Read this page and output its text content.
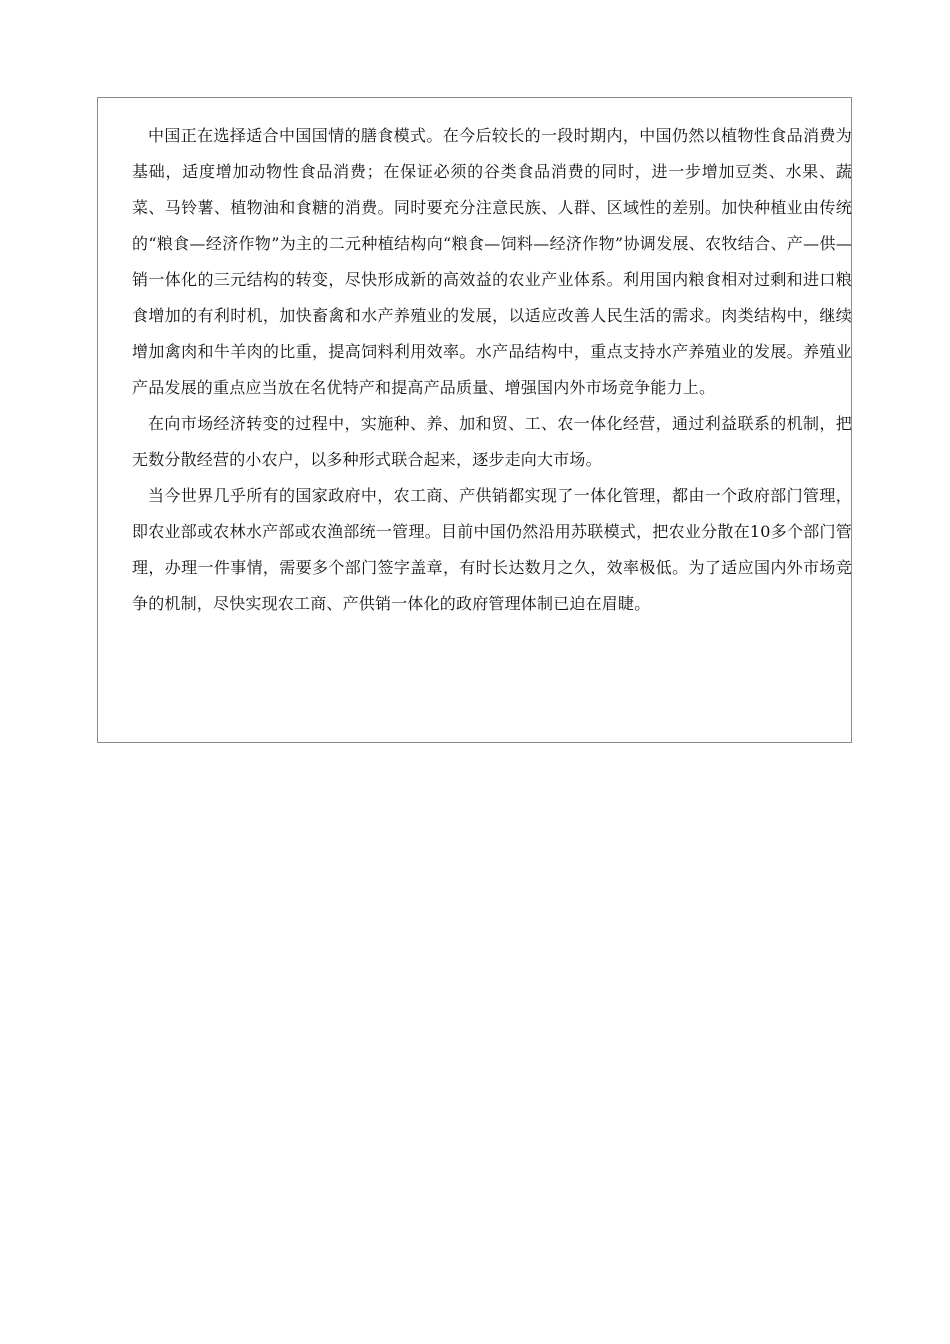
中国正在选择适合中国国情的膳食模式。在今后较长的一段时期内，中国仍然以植物性食品消费为基础，适度增加动物性食品消费；在保证必须的谷类食品消费的同时，进一步增加豆类、水果、蔬菜、马铃薯、植物油和食糖的消费。同时要充分注意民族、人群、区域性的差别。加快种植业由传统的“粮食—经济作物”为主的二元种植结构向“粮食—饲料—经济作物”协调发展、农牧结合、产—供—销一体化的三元结构的转变，尽快形成新的高效益的农业产业体系。利用国内粮食相对过剩和进口粮食增加的有利时机，加快畜禽和水产养殖业的发展，以适应改善人民生活的需求。肉类结构中，继续增加禽肉和牛羊肉的比重，提高饲料利用效率。水产品结构中，重点支持水产养殖业的发展。养殖业产品发展的重点应当放在名优特产和提高产品质量、增强国内外市场竞争能力上。

在向市场经济转变的过程中，实施种、养、加和贸、工、农一体化经营，通过利益联系的机制，把无数分散经营的小农户，以多种形式联合起来，逐步走向大市场。

当今世界几乎所有的国家政府中，农工商、产供销都实现了一体化管理，都由一个政府部门管理，即农业部或农林水产部或农渔部统一管理。目前中国仍然沿用苏联模式，把农业分散在10多个部门管理，办理一件事情，需要多个部门签字盖章，有时长达数月之久，效率极低。为了适应国内外市场竞争的机制，尽快实现农工商、产供销一体化的政府管理体制已迫在眉睫。
